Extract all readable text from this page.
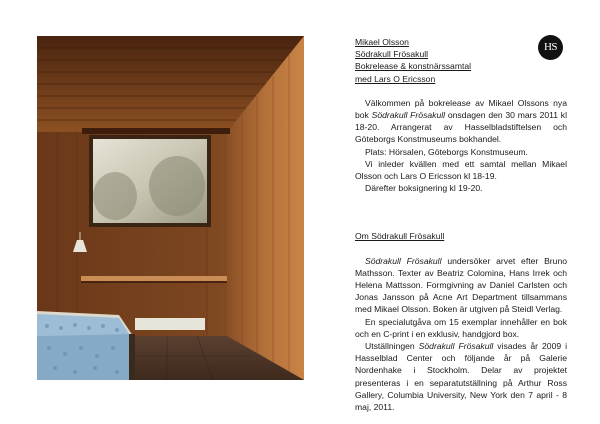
HS
Mikael Olsson
Södrakull Frösakull
Bokrelease & konstnärssamtal
med Lars O Ericsson

Välkommen på bokrelease av Mikael Olssons nya bok Södrakull Frösakull onsdagen den 30 mars 2011 kl 18-20. Arrangerat av Hasselbladstiftelsen och Göteborgs Konstmuseums bokhandel.

Plats: Hörsalen, Göteborgs Konstmuseum.

Vi inleder kvällen med ett samtal mellan Mikael Olsson och Lars O Ericsson kl 18-19.

Därefter boksignering kl 19-20.

Om Södrakull Frösakull

Södrakull Frösakull undersöker arvet efter Bruno Mathsson. Texter av Beatriz Colomina, Hans Irrek och Helena Mattsson. Formgivning av Daniel Carlsten och Jonas Jansson på Acne Art Department tillsammans med Mikael Olsson. Boken är utgiven på Steidl Verlag.

En specialutgåva om 15 exemplar innehåller en bok och en C-print i en exklusiv, handgjord box.

Utställningen Södrakull Frösakull visades år 2009 i Hasselblad Center och följande år på Galerie Nordenhake i Stockholm. Delar av projektet presenteras i en separatutställning på Arthur Ross Gallery, Columbia University, New York den 7 april - 8 maj, 2011.
